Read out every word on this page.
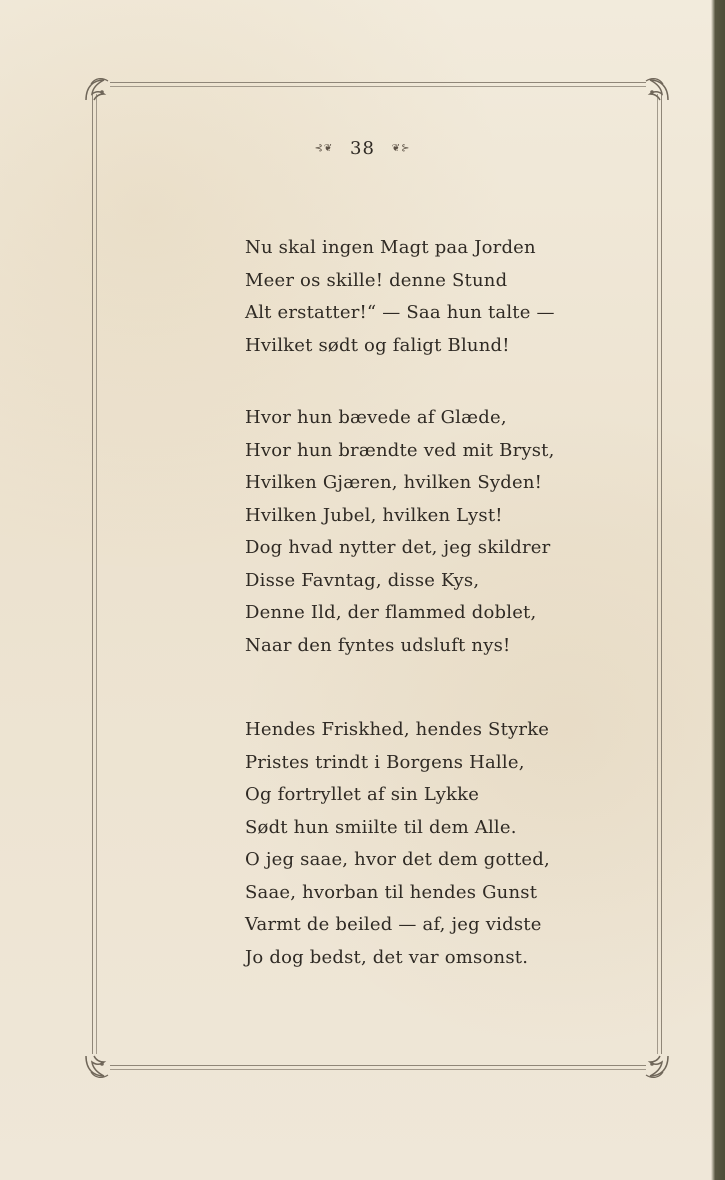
⊰❦ 38 ❦⊱
Nu skal ingen Magt paa Jorden
Meer os skille! denne Stund
Alt erstatter!“ — Saa hun talte —
Hvilket sødt og faligt Blund!
Hvor hun bævede af Glæde,
Hvor hun brændte ved mit Bryst,
Hvilken Gjæren, hvilken Syden!
Hvilken Jubel, hvilken Lyst!
Dog hvad nytter det, jeg skildrer
Disse Favntag, disse Kys,
Denne Ild, der flammed doblet,
Naar den fyntes udsluft nys!
Hendes Friskhed, hendes Styrke
Pristes trindt i Borgens Halle,
Og fortryllet af sin Lykke
Sødt hun smiilte til dem Alle.
O jeg saae, hvor det dem gotted,
Saae, hvorban til hendes Gunst
Varmt de beiled — af, jeg vidste
Jo dog bedst, det var omsonst.
